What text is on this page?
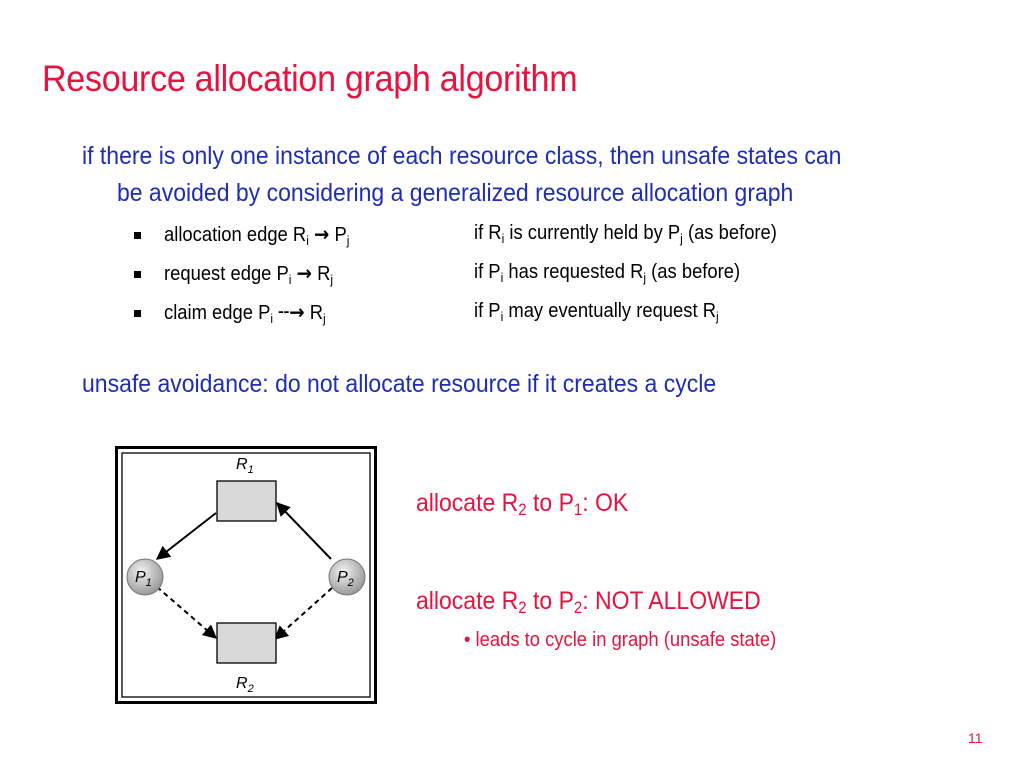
Resource allocation graph algorithm
if there is only one instance of each resource class, then unsafe states can
be avoided by considering a generalized resource allocation graph
allocation edge $R_i \to P_j$	if $R_i$ is currently held by $P_j$ (as before)
request edge $P_i \to R_j$	if $P_i$ has requested $R_j$ (as before)
claim edge $P_i$ ╌→ $R_j$	if $P_i$ may eventually request $R_j$
unsafe avoidance: do not allocate resource if it creates a cycle
$R_1$
$R_2$
$P_1$	$P_2$
allocate $R_2$ to $P_1$: OK
allocate $R_2$ to $P_2$: NOT ALLOWED
• leads to cycle in graph (unsafe state)
11
